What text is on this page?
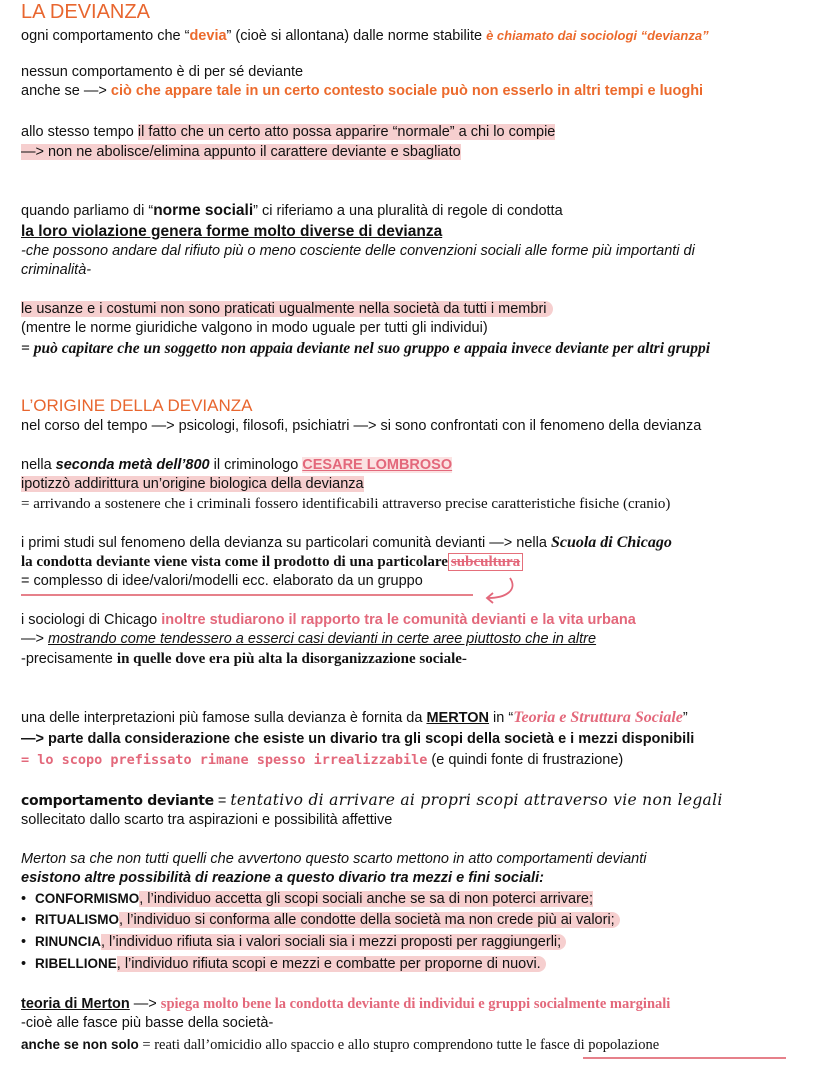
LA DEVIANZA
ogni comportamento che “devia” (cioè si allontana) dalle norme stabilite è chiamato dai sociologi “devianza”
nessun comportamento è di per sé deviante
anche se —> ciò che appare tale in un certo contesto sociale può non esserlo in altri tempi e luoghi
allo stesso tempo il fatto che un certo atto possa apparire “normale” a chi lo compie
—> non ne abolisce/elimina appunto il carattere deviante e sbagliato
quando parliamo di “norme sociali” ci riferiamo a una pluralità di regole di condotta
la loro violazione genera forme molto diverse di devianza
-che possono andare dal rifiuto più o meno cosciente delle convenzioni sociali alle forme più importanti di
criminalità-
le usanze e i costumi non sono praticati ugualmente nella società da tutti i membri
(mentre le norme giuridiche valgono in modo uguale per tutti gli individui)
= può capitare che un soggetto non appaia deviante nel suo gruppo e appaia invece deviante per altri gruppi
L’ORIGINE DELLA DEVIANZA
nel corso del tempo —> psicologi, filosofi, psichiatri —> si sono confrontati con il fenomeno della devianza
nella seconda metà dell’800 il criminologo CESARE LOMBROSO
ipotizzò addirittura un’origine biologica della devianza
= arrivando a sostenere che i criminali fossero identificabili attraverso precise caratteristiche fisiche (cranio)
i primi studi sul fenomeno della devianza su particolari comunità devianti —> nella Scuola di Chicago
la condotta deviante viene vista come il prodotto di una particolare subcultura
= complesso di idee/valori/modelli ecc. elaborato da un gruppo
i sociologi di Chicago inoltre studiarono il rapporto tra le comunità devianti e la vita urbana
—> mostrando come tendessero a esserci casi devianti in certe aree piuttosto che in altre
-precisamente in quelle dove era più alta la disorganizzazione sociale-
una delle interpretazioni più famose sulla devianza è fornita da MERTON in “Teoria e Struttura Sociale”
—> parte dalla considerazione che esiste un divario tra gli scopi della società e i mezzi disponibili
= lo scopo prefissato rimane spesso irrealizzabile (e quindi fonte di frustrazione)
comportamento deviante = tentativo di arrivare ai propri scopi attraverso vie non legali
sollecitato dallo scarto tra aspirazioni e possibilità affettive
Merton sa che non tutti quelli che avvertono questo scarto mettono in atto comportamenti devianti
esistono altre possibilità di reazione a questo divario tra mezzi e fini sociali:
• CONFORMISMO, l’individuo accetta gli scopi sociali anche se sa di non poterci arrivare;
• RITUALISMO, l’individuo si conforma alle condotte della società ma non crede più ai valori;
• RINUNCIA, l’individuo rifiuta sia i valori sociali sia i mezzi proposti per raggiungerli;
• RIBELLIONE, l’individuo rifiuta scopi e mezzi e combatte per proporne di nuovi.
teoria di Merton —> spiega molto bene la condotta deviante di individui e gruppi socialmente marginali
-cioè alle fasce più basse della società-
anche se non solo = reati dall’omicidio allo spaccio e allo stupro comprendono tutte le fasce di popolazione
